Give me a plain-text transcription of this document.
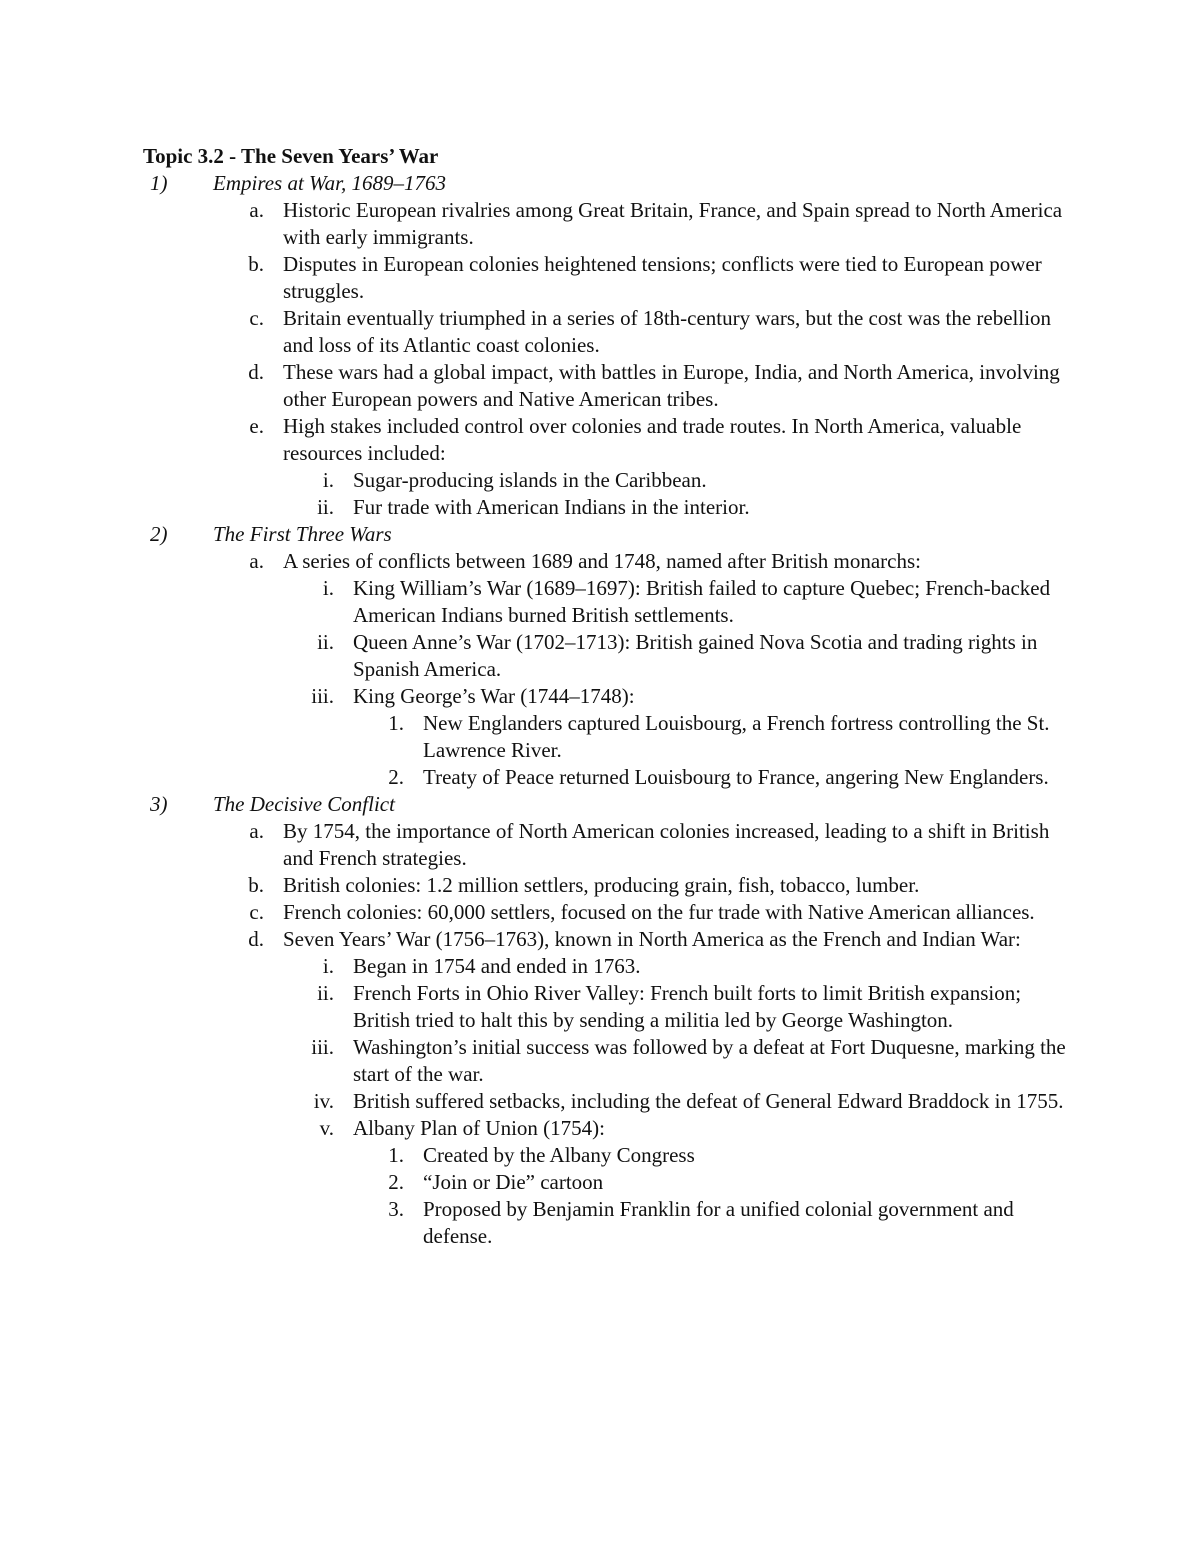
Topic 3.2 - The Seven Years’ War
1)	Empires at War, 1689–1763
a. Historic European rivalries among Great Britain, France, and Spain spread to North America with early immigrants.
b. Disputes in European colonies heightened tensions; conflicts were tied to European power struggles.
c. Britain eventually triumphed in a series of 18th-century wars, but the cost was the rebellion and loss of its Atlantic coast colonies.
d. These wars had a global impact, with battles in Europe, India, and North America, involving other European powers and Native American tribes.
e. High stakes included control over colonies and trade routes. In North America, valuable resources included:
i. Sugar-producing islands in the Caribbean.
ii. Fur trade with American Indians in the interior.
2)	The First Three Wars
a. A series of conflicts between 1689 and 1748, named after British monarchs:
i. King William’s War (1689–1697): British failed to capture Quebec; French-backed American Indians burned British settlements.
ii. Queen Anne’s War (1702–1713): British gained Nova Scotia and trading rights in Spanish America.
iii. King George’s War (1744–1748):
1. New Englanders captured Louisbourg, a French fortress controlling the St. Lawrence River.
2. Treaty of Peace returned Louisbourg to France, angering New Englanders.
3)	The Decisive Conflict
a. By 1754, the importance of North American colonies increased, leading to a shift in British and French strategies.
b. British colonies: 1.2 million settlers, producing grain, fish, tobacco, lumber.
c. French colonies: 60,000 settlers, focused on the fur trade with Native American alliances.
d. Seven Years’ War (1756–1763), known in North America as the French and Indian War:
i. Began in 1754 and ended in 1763.
ii. French Forts in Ohio River Valley: French built forts to limit British expansion; British tried to halt this by sending a militia led by George Washington.
iii. Washington’s initial success was followed by a defeat at Fort Duquesne, marking the start of the war.
iv. British suffered setbacks, including the defeat of General Edward Braddock in 1755.
v. Albany Plan of Union (1754):
1. Created by the Albany Congress
2. “Join or Die” cartoon
3. Proposed by Benjamin Franklin for a unified colonial government and defense.
